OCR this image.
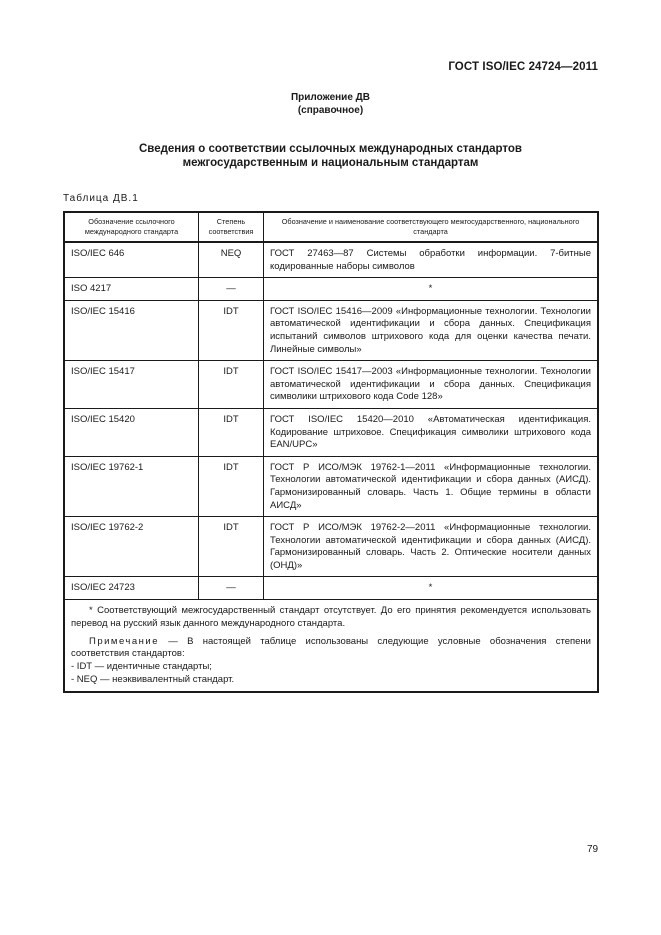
ГОСТ ISO/IEC 24724—2011
Приложение ДВ
(справочное)
Сведения о соответствии ссылочных международных стандартов
межгосударственным и национальным стандартам
Таблица ДВ.1
Обозначение ссылочного международного стандарта	Степень соответствия	Обозначение и наименование соответствующего межгосударственного, национального стандарта
ISO/IEC 646	NEQ	ГОСТ 27463—87 Системы обработки информации. 7-битные кодированные наборы символов
ISO 4217	—	*
ISO/IEC 15416	IDT	ГОСТ ISO/IEC 15416—2009 «Информационные технологии. Технологии автоматической идентификации и сбора данных. Спецификация испытаний символов штрихового кода для оценки качества печати. Линейные символы»
ISO/IEC 15417	IDT	ГОСТ ISO/IEC 15417—2003 «Информационные технологии. Технологии автоматической идентификации и сбора данных. Спецификация символики штрихового кода Code 128»
ISO/IEC 15420	IDT	ГОСТ ISO/IEC 15420—2010 «Автоматическая идентификация. Кодирование штриховое. Спецификация символики штрихового кода EAN/UPC»
ISO/IEC 19762-1	IDT	ГОСТ Р ИСО/МЭК 19762-1—2011 «Информационные технологии. Технологии автоматической идентификации и сбора данных (АИСД). Гармонизированный словарь. Часть 1. Общие термины в области АИСД»
ISO/IEC 19762-2	IDT	ГОСТ Р ИСО/МЭК 19762-2—2011 «Информационные технологии. Технологии автоматической идентификации и сбора данных (АИСД). Гармонизированный словарь. Часть 2. Оптические носители данных (ОНД)»
ISO/IEC 24723	—	*

* Соответствующий межгосударственный стандарт отсутствует. До его принятия рекомендуется использовать перевод на русский язык данного международного стандарта.

Примечание — В настоящей таблице использованы следующие условные обозначения степени соответствия стандартов:

- IDT — идентичные стандарты;

- NEQ — неэквивалентный стандарт.		

79
